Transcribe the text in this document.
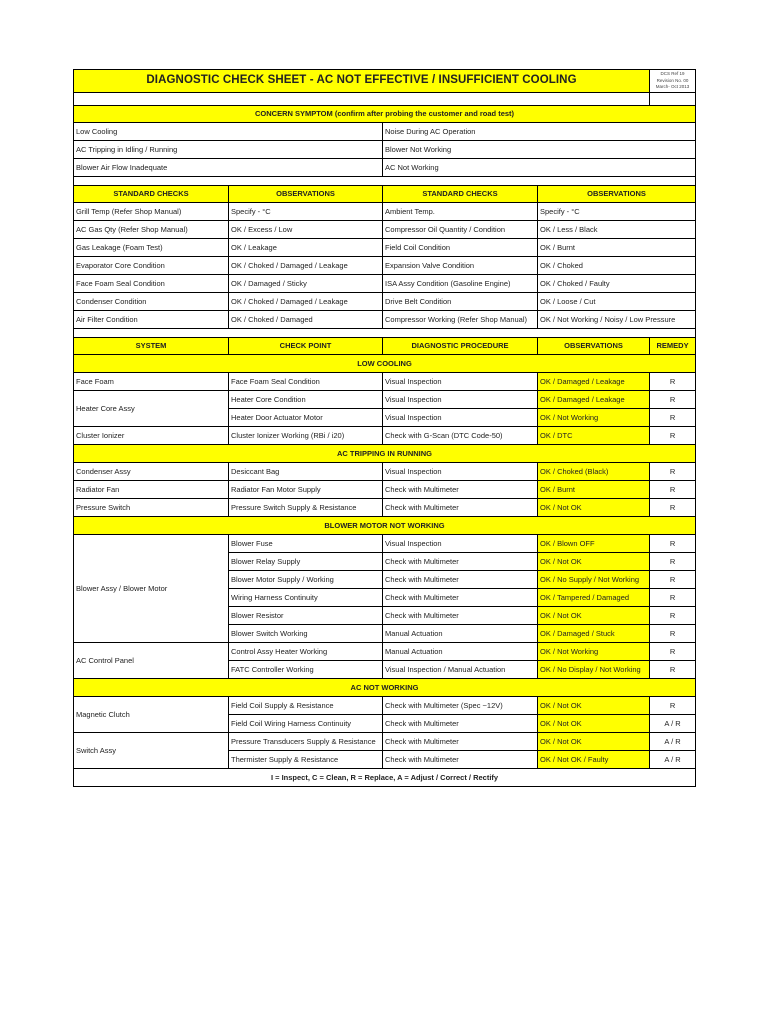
DIAGNOSTIC CHECK SHEET - AC NOT EFFECTIVE / INSUFFICIENT COOLING				DCS Ref 19
Revision No. 00
March- Oct 2013

CONCERN SYMPTOM (confirm after probing the customer and road test)				
Low Cooling		Noise During AC Operation		
AC Tripping in Idling / Running		Blower Not Working		
Blower Air Flow Inadequate		AC Not Working		

STANDARD CHECKS	OBSERVATIONS	STANDARD CHECKS	OBSERVATIONS	
Grill Temp (Refer Shop Manual)	Specify - °C	Ambient Temp.	Specify - °C	
AC Gas Qty (Refer Shop Manual)	OK / Excess / Low	Compressor Oil Quantity / Condition	OK / Less / Black	
Gas Leakage (Foam Test)	OK / Leakage	Field Coil Condition	OK / Burnt	
Evaporator Core Condition	OK / Choked / Damaged / Leakage	Expansion Valve Condition	OK / Choked	
Face Foam Seal Condition	OK / Damaged / Sticky	ISA Assy Condition (Gasoline Engine)	OK / Choked / Faulty	
Condenser Condition	OK / Choked / Damaged / Leakage	Drive Belt Condition	OK / Loose / Cut	
Air Filter Condition	OK / Choked / Damaged	Compressor Working (Refer Shop Manual)	OK / Not Working / Noisy / Low Pressure	

SYSTEM	CHECK POINT	DIAGNOSTIC PROCEDURE	OBSERVATIONS	REMEDY
LOW COOLING				
Face Foam	Face Foam Seal Condition	Visual Inspection	OK / Damaged / Leakage	R
Heater Core Assy	Heater Core Condition	Visual Inspection	OK / Damaged / Leakage	R
	Heater Door Actuator Motor	Visual Inspection	OK / Not Working	R
Cluster Ionizer	Cluster Ionizer Working (RBi / i20)	Check with G-Scan (DTC Code-50)	OK / DTC	R
AC TRIPPING IN RUNNING				
Condenser Assy	Desiccant Bag	Visual Inspection	OK / Choked (Black)	R
Radiator Fan	Radiator Fan Motor Supply	Check with Multimeter	OK / Burnt	R
Pressure Switch	Pressure Switch Supply & Resistance	Check with Multimeter	OK / Not OK	R
BLOWER MOTOR NOT WORKING				
Blower Assy / Blower Motor	Blower Fuse	Visual Inspection	OK / Blown OFF	R
	Blower Relay Supply	Check with Multimeter	OK / Not OK	R
	Blower Motor Supply / Working	Check with Multimeter	OK / No Supply / Not Working	R
	Wiring Harness Continuity	Check with Multimeter	OK / Tampered / Damaged	R
	Blower Resistor	Check with Multimeter	OK / Not OK	R
	Blower Switch Working	Manual Actuation	OK / Damaged / Stuck	R
AC Control Panel	Control Assy Heater Working	Manual Actuation	OK / Not Working	R
	FATC Controller Working	Visual Inspection / Manual Actuation	OK / No Display / Not Working	R
AC NOT WORKING				
Magnetic Clutch	Field Coil Supply & Resistance	Check with Multimeter (Spec ~12V)	OK / Not OK	R
	Field Coil Wiring Harness Continuity	Check with Multimeter	OK / Not OK	A / R
Switch Assy	Pressure Transducers Supply & Resistance	Check with Multimeter	OK / Not OK	A / R
	Thermister Supply & Resistance	Check with Multimeter	OK / Not OK / Faulty	A / R
I = Inspect, C = Clean, R = Replace, A = Adjust / Correct / Rectify				
